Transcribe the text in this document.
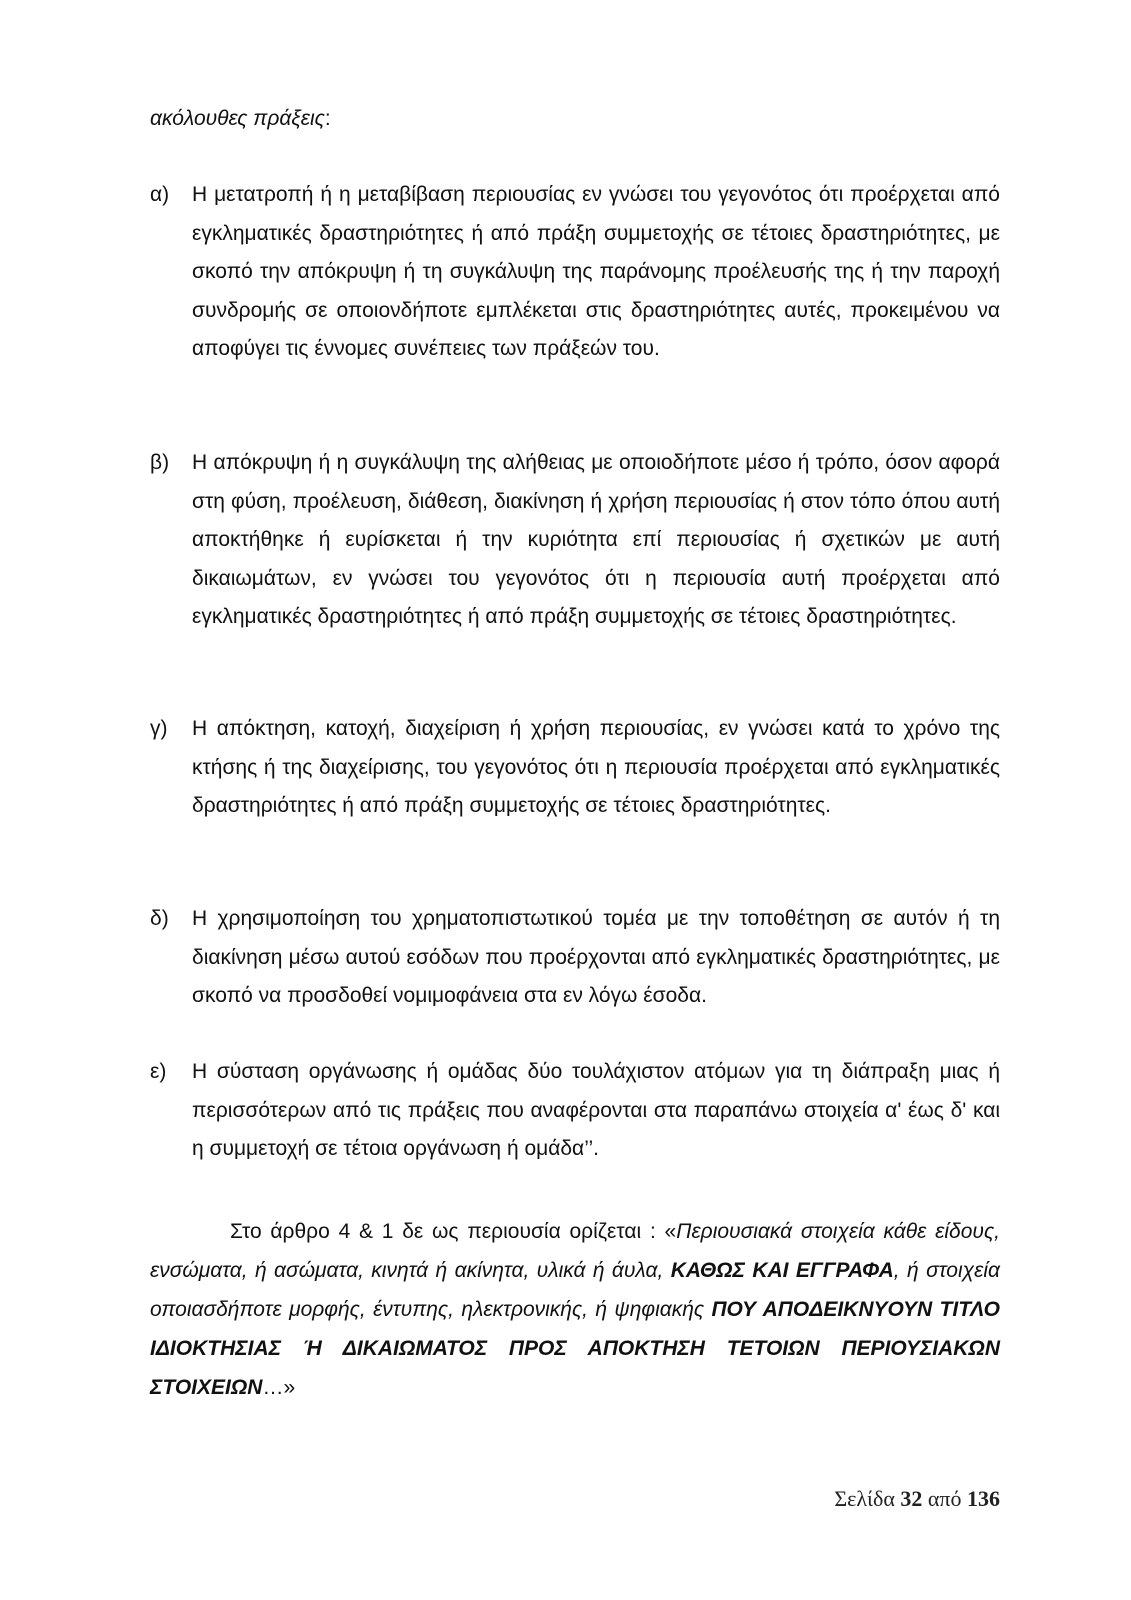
ακόλουθες πράξεις:
α) Η μετατροπή ή η μεταβίβαση περιουσίας εν γνώσει του γεγονότος ότι προέρχεται από εγκληματικές δραστηριότητες ή από πράξη συμμετοχής σε τέτοιες δραστηριότητες, με σκοπό την απόκρυψη ή τη συγκάλυψη της παράνομης προέλευσής της ή την παροχή συνδρομής σε οποιονδήποτε εμπλέκεται στις δραστηριότητες αυτές, προκειμένου να αποφύγει τις έννομες συνέπειες των πράξεών του.
β) Η απόκρυψη ή η συγκάλυψη της αλήθειας με οποιοδήποτε μέσο ή τρόπο, όσον αφορά στη φύση, προέλευση, διάθεση, διακίνηση ή χρήση περιουσίας ή στον τόπο όπου αυτή αποκτήθηκε ή ευρίσκεται ή την κυριότητα επί περιουσίας ή σχετικών με αυτή δικαιωμάτων, εν γνώσει του γεγονότος ότι η περιουσία αυτή προέρχεται από εγκληματικές δραστηριότητες ή από πράξη συμμετοχής σε τέτοιες δραστηριότητες.
γ) Η απόκτηση, κατοχή, διαχείριση ή χρήση περιουσίας, εν γνώσει κατά το χρόνο της κτήσης ή της διαχείρισης, του γεγονότος ότι η περιουσία προέρχεται από εγκληματικές δραστηριότητες ή από πράξη συμμετοχής σε τέτοιες δραστηριότητες.
δ) Η χρησιμοποίηση του χρηματοπιστωτικού τομέα με την τοποθέτηση σε αυτόν ή τη διακίνηση μέσω αυτού εσόδων που προέρχονται από εγκληματικές δραστηριότητες, με σκοπό να προσδοθεί νομιμοφάνεια στα εν λόγω έσοδα.
ε) Η σύσταση οργάνωσης ή ομάδας δύο τουλάχιστον ατόμων για τη διάπραξη μιας ή περισσότερων από τις πράξεις που αναφέρονται στα παραπάνω στοιχεία α' έως δ' και η συμμετοχή σε τέτοια οργάνωση ή ομάδα’’.
Στο άρθρο 4 & 1 δε ως περιουσία ορίζεται : «Περιουσιακά στοιχεία κάθε είδους, ενσώματα, ή ασώματα, κινητά ή ακίνητα, υλικά ή άυλα, ΚΑΘΩΣ ΚΑΙ ΕΓΓΡΑΦΑ, ή στοιχεία οποιασδήποτε μορφής, έντυπης, ηλεκτρονικής, ή ψηφιακής ΠΟΥ ΑΠΟΔΕΙΚΝΥΟΥΝ ΤΙΤΛΟ ΙΔΙΟΚΤΗΣΙΑΣ Ή ΔΙΚΑΙΩΜΑΤΟΣ ΠΡΟΣ ΑΠΟΚΤΗΣΗ ΤΕΤΟΙΩΝ ΠΕΡΙΟΥΣΙΑΚΩΝ ΣΤΟΙΧΕΙΩΝ…»
Σελίδα 32 από 136
